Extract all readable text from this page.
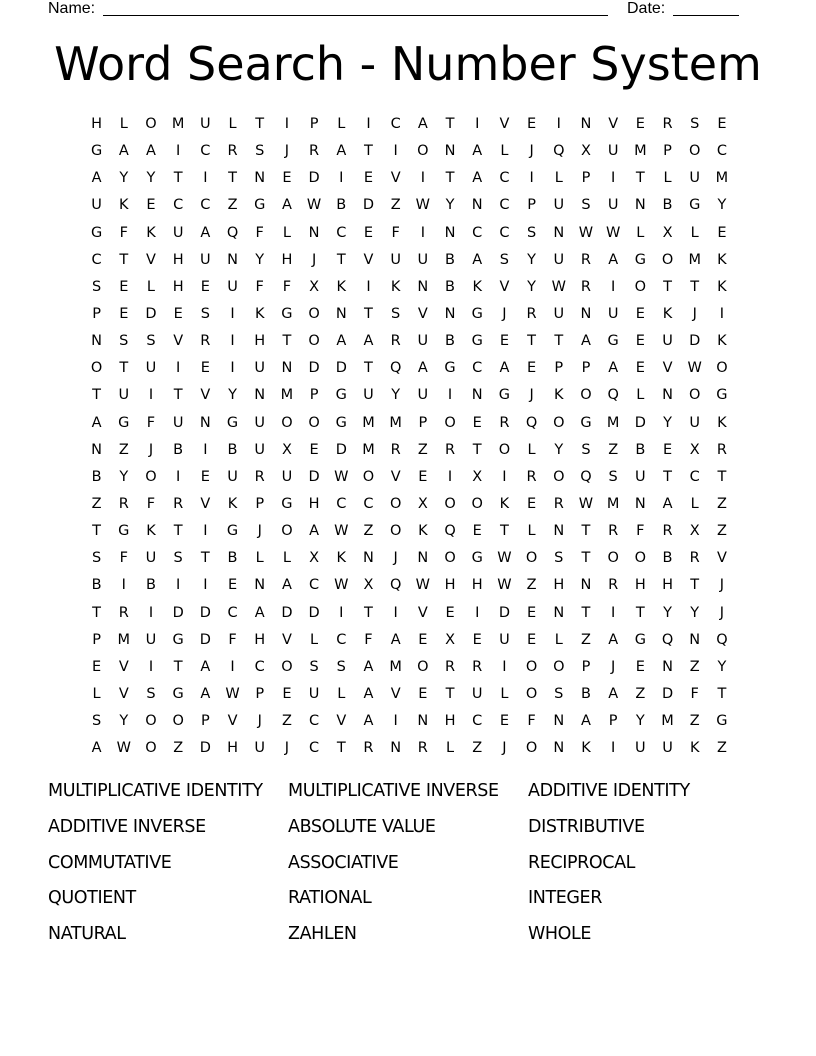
Name:	Date:
Word Search - Number System
H	L	O	M	U	L	T	I	P	L	I	C	A	T	I	V	E	I	N	V	E	R	S	E
G	A	A	I	C	R	S	J	R	A	T	I	O	N	A	L	J	Q	X	U	M	P	O	C
A	Y	Y	T	I	T	N	E	D	I	E	V	I	T	A	C	I	L	P	I	T	L	U	M
U	K	E	C	C	Z	G	A	W	B	D	Z	W	Y	N	C	P	U	S	U	N	B	G	Y
G	F	K	U	A	Q	F	L	N	C	E	F	I	N	C	C	S	N	W W	L	X	L	E
C	T	V	H	U	N	Y	H	J	T	V	U	U	B	A	S	Y	U	R	A	G	O	M	K
S	E	L	H	E	U	F	F	X	K	I	K	N	B	K	V	Y	W	R	I	O	T	T	K
P	E	D	E	S	I	K	G	O	N	T	S	V	N	G	J	R	U	N	U	E	K	J	I
N	S	S	V	R	I	H	T	O	A	A	R	U	B	G	E	T	T	A	G	E	U	D	K
O	T	U	I	E	I	U	N	D	D	T	Q	A	G	C	A	E	P	P	A	E	V	W O
T	U	I	T	V	Y	N	M	P	G	U	Y	U	I	N	G	J	K	O	Q	L	N	O	G
A	G	F	U	N	G	U	O	O	G	M	M	P	O	E	R	Q	O	G	M	D	Y	U	K
N	Z	J	B	I	B	U	X	E	D	M	R	Z	R	T	O	L	Y	S	Z	B	E	X	R
B	Y	O	I	E	U	R	U	D W O	V	E	I	X	I	R	O	Q	S	U	T	C	T
Z	R	F	R	V	K	P	G	H	C	C	O	X	O	O	K	E	R	W M	N	A	L	Z
T	G	K	T	I	G	J	O	A	W	Z	O	K	Q	E	T	L	N	T	R	F	R	X	Z
S	F	U	S	T	B	L	L	X	K	N	J	N	O	G W O	S	T	O	O	B	R	V
B	I	B	I	I	E	N	A	C	W	X	Q W	H	H	W	Z	H	N	R	H	H	T	J
T	R	I	D	D	C	A	D	D	I	T	I	V	E	I	D	E	N	T	I	T	Y	Y	J
P	M	U	G	D	F	H	V	L	C	F	A	E	X	E	U	E	L	Z	A	G	Q	N	Q
E	V	I	T	A	I	C	O	S	S	A	M	O	R	R	I	O	O	P	J	E	N	Z	Y
L	V	S	G	A	W	P	E	U	L	A	V	E	T	U	L	O	S	B	A	Z	D	F	T
S	Y	O	O	P	V	J	Z	C	V	A	I	N	H	C	E	F	N	A	P	Y	M	Z	G
A	W O	Z	D	H	U	J	C	T	R	N	R	L	Z	J	O	N	K	I	U	U	K	Z
MULTIPLICATIVE IDENTITY	MULTIPLICATIVE INVERSE	ADDITIVE IDENTITY
ADDITIVE INVERSE	ABSOLUTE VALUE	DISTRIBUTIVE
COMMUTATIVE	ASSOCIATIVE	RECIPROCAL
QUOTIENT	RATIONAL	INTEGER
NATURAL	ZAHLEN	WHOLE
